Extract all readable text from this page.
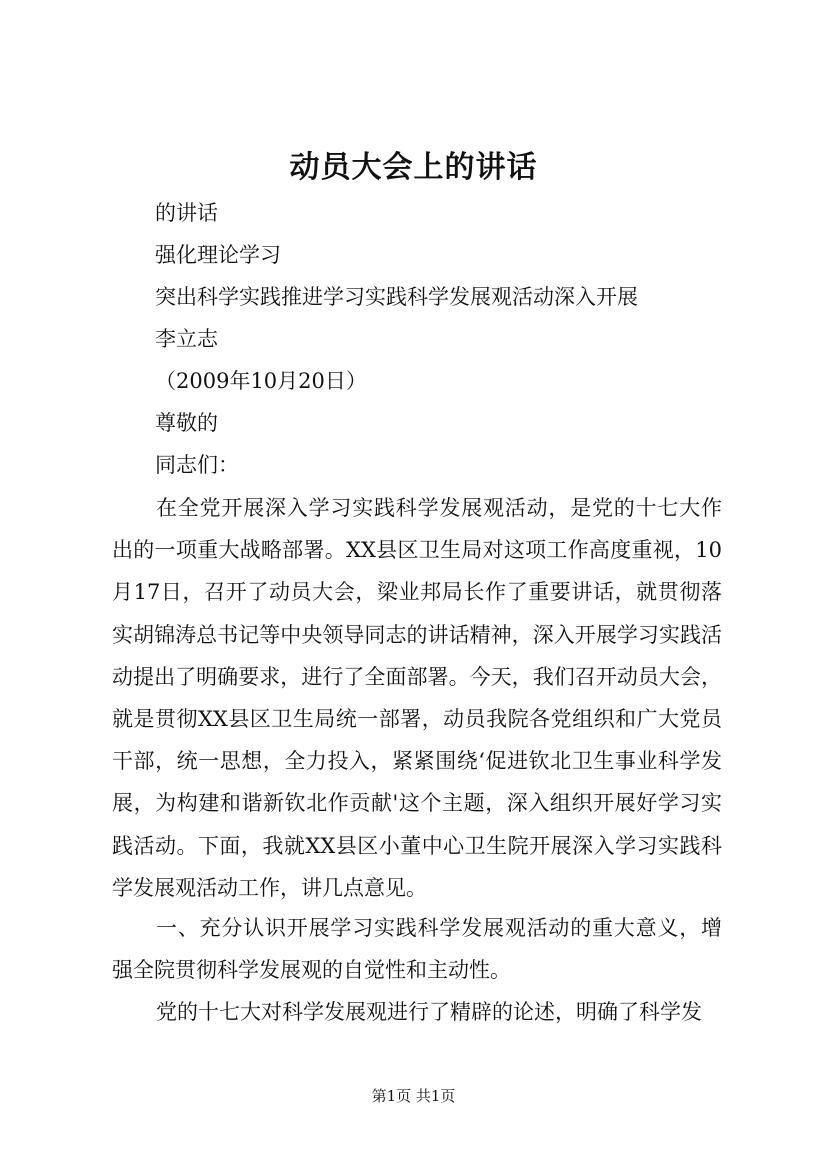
动员大会上的讲话
的讲话
强化理论学习
突出科学实践推进学习实践科学发展观活动深入开展
李立志
（2009年10月20日）
尊敬的
同志们：
在全党开展深入学习实践科学发展观活动，是党的十七大作出的一项重大战略部署。XX县区卫生局对这项工作高度重视，10月17日，召开了动员大会，梁业邦局长作了重要讲话，就贯彻落实胡锦涛总书记等中央领导同志的讲话精神，深入开展学习实践活动提出了明确要求，进行了全面部署。今天，我们召开动员大会，就是贯彻XX县区卫生局统一部署，动员我院各党组织和广大党员干部，统一思想，全力投入，紧紧围绕‘促进钦北卫生事业科学发展，为构建和谐新钦北作贡献'这个主题，深入组织开展好学习实践活动。下面，我就XX县区小董中心卫生院开展深入学习实践科学发展观活动工作，讲几点意见。
一、充分认识开展学习实践科学发展观活动的重大意义，增强全院贯彻科学发展观的自觉性和主动性。
党的十七大对科学发展观进行了精辟的论述，明确了科学发
第1页 共1页
